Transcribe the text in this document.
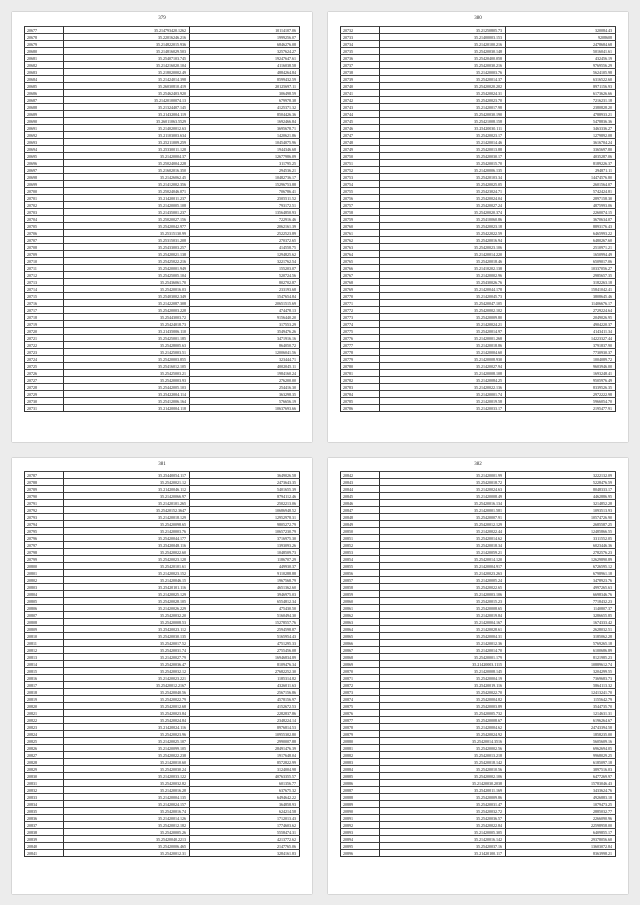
379
20677	35.214793420.1262	10114107.06
20678	35.22016246.216	1999256.07
20679	35.214822015.936	6846276.08
20680	35.214816029.503	3257624.27
20681	35.25407103.745	19247647.61
20682	35.214216020.104	4116038.58
20683	35.218020002.49	4884264.84
20684	35.21424014.398	8599432.59
20685	35.26030810.419	20125697.11
20686	35.25462403.920	306498.59
20687	35.21420100074.13	679978.38
20688	35.21324407.145	4125371.32
20689	35.21432004.119	8504426.36
20690	35.26011063.5529	1692466.84
20691	35.214020012.63	3695678.71
20692	35.21103003.634	1420621.86
20693	35.25211009.259	10454075.96
20694	35.25330011.128	1944346.68
20695	35.21420004.37	12677986.09
20696	35.25024004.228	311795.25
20697	35.21602016.350	294536.21
20698	35.21426062.45	10482736.17
20699	35.21412002.356	15296753.88
20700	35.25024046.071	706786.41
20701	35.21420011.237	2505511.52
20702	35.21420005.108	793172.51
20703	35.21435001.237	13564850.93
20704	35.25020027.156	722916.46
20705	35.25420042.977	2062161.39
20706	35.25315130.99	2522523.89
20707	35.25315031.208	270372.65
20708	35.25433003.257	414558.75
20709	35.25420021.138	1294825.62
20710	35.25425022.216	3221762.54
20711	35.25420001.949	155203.07
20712	35.25425005.104	520724.56
20713	35.25436061.70	802702.87
20714	35.25420016.03	233193.68
20715	35.25403002.349	1547654.84
20716	35.21422087.308	20651515.69
20717	35.25420003.228	474478.13
20718	35.25443003.72	9156440.20
20719	35.25424018.73	317553.29
20720	35.21435006.110	3549476.26
20721	35.25425001.185	3471916.16
20722	35.25428005.63	864050.72
20723	35.21425003.51	12006041.56
20724	35.25420003.855	323444.71
20725	35.25416012.105	4002045.11
20726	35.25425003.21	1984160.24
20727	35.25420003.93	276200.00
20728	35.25442005.103	254416.30
20729	35.25422004.114	363298.35
20730	35.25412006.164	576656.19
20731	35.21420004.118	10637693.66
380
20732	35.21250805.73	320084.43
20733	35.21400003.153	9208608
20734	35.21420100.216	2478684.68
20735	35.25420030.148	5016041.61
20736	35.25420400.058	432456.19
20737	35.25420030.216	9769556.29
20738	35.21420003.76	5624105.98
20739	35.25420014.37	6316522.60
20740	35.25420020.202	8971156.93
20741	35.25420024.31	6173626.66
20742	35.25420023.70	7216231.18
20743	35.21420017.98	2380828.20
20744	35.25420030.190	4788933.21
20745	35.25421008.158	5478836.36
20746	35.25420030.111	3463336.27
20747	35.25420023.17	1279892.08
20748	35.21420014.46	3616704.24
20749	35.25420013.88	3365697.80
20750	35.25420030.17	4035287.06
20751	35.25420015.70	8189226.37
20752	35.21420006.135	294871.11
20753	35.25420103.34	14474576.80
20754	35.25420025.05	2601564.07
20755	35.25423024.71	5742424.81
20756	35.25420024.04	2897158.30
20757	35.25420027.24	4875993.06
20758	35.25420020.374	2260074.15
20759	35.25410060.86	3670634.07
20760	35.25420023.18	8893176.43
20761	35.25422022.59	6465993.22
20762	35.25420016.94	6480267.60
20763	35.25420023.106	2510971.21
20764	35.21420014.220	1650994.49
20765	35.25420018.46	6509017.06
20766	35.21410202.138	10337056.27
20767	35.21420002.96	2985657.35
20768	35.25430026.76	3182263.18
20769	35.21420044.178	15841042.41
20770	35.21420045.73	3808645.46
20771	35.25420047.105	11406676.17
20772	35.25420002.102	2729224.64
20773	35.25420009.80	2049026.95
20774	35.21420024.21	4904220.37
20775	35.25420014.97	4143411.34
20776	35.21420001.268	14223327.44
20777	35.21420018.86	3791837.90
20778	35.21420004.60	7730930.37
20779	35.21420008.930	1004089.72
20780	35.21420027.94	9603946.00
20781	35.21420008.108	1693248.41
20782	35.21420084.25	9505976.49
20783	35.21420022.136	8339526.35
20784	35.21420001.74	2972222.98
20785	35.21420019.58	5966054.70
20786	35.21420033.17	2195477.91
381
20787	35.25440054.117	3649026.58
20788	35.25420021.12	2473643.35
20789	35.21420046.112	5401655.39
20790	35.21420066.97	8794112.46
20791	35.21420101.265	2502213.06
20792	35.25420152.3647	10686948.52
20793	35.21420018.129	12952978.31
20794	35.25420098.65	9805272.79
20795	35.21420003.76	10657230.79
20796	35.25420044.177	3716975.30
20797	35.25420048.116	1393093.26
20798	35.25420022.60	1048509.73
20799	35.25420023.128	1186707.29
20800	35.25420101.61	449930.37
20801	35.21420023.152	9110288.88
20802	35.21420046.15	1967568.79
20803	35.25420101.116	4651362.60
20804	35.21420025.129	3946975.03
20805	35.25420028.105	6554812.34
20806	35.21420026.229	475430.50
20807	35.25420032.20	5160494.30
20808	35.25420008.53	15278557.76
20809	35.25420023.112	2594598.87
20810	35.25420030.135	5165954.43
20811	35.25420017.52	4751295.33
20812	35.25420031.74	2755456.08
20813	35.21420027.79	16946834.89
20814	35.25420036.47	8109476.34
20815	35.25420032.12	27682252.30
20816	35.21420023.221	1185314.82
20817	35.25420012.2167	4326011.63
20818	35.25420040.56	2567156.86
20819	35.25420022.79	4578156.97
20820	35.25420012.68	4152672.53
20821	35.25420023.84	2282837.86
20822	35.25420024.84	2348224.14
20823	35.21420024.116	8976814.53
20824	35.25420023.96	10955302.80
20825	35.21420025.107	2990007.88
20826	35.21420099.105	28491476.39
20827	35.25420022.238	1917648.04
20828	35.21420010.60	8572822.99
20829	35.25420030.24	3124004.98
20830	35.21420033.122	40763355.57
20831	35.25420032.82	601356.77
20832	35.21420016.28	637675.32
20833	35.21420004.135	6494642.22
20834	35.21420024.157	364858.93
20835	35.25420016.74	624214.58
20836	35.21420014.126	1712013.43
20837	35.25420012.182	1774603.62
20838	35.25420005.26	5558474.31
20839	35.25420040.2213	4213772.62
20840	35.25420006.465	2147765.06
20841	35.25420012.31	3284161.83
382
20842	35.21420001.99	3222132.09
20843	35.25420018.72	5228476.59
20844	35.21420024.63	8048333.17
20845	35.21420008.49	4462886.95
20846	35.25420016.134	3214852.28
20847	35.21420001.581	1093513.93
20848	35.25420007.91	10574726.90
20849	35.25420012.129	2685587.25
20850	35.21420022.44	12485866.55
20851	35.25420014.62	3311552.05
20852	35.25420018.34	6023446.36
20853	35.21420059.21	2782576.23
20854	35.25420014.120	12629890.89
20855	35.21420004.917	6726595.12
20856	35.21420023.263	6798961.18
20857	35.21420005.24	3478923.76
20858	35.25420022.65	4997265.63
20859	35.21420003.106	6698346.76
20860	35.25420015.23	7718432.23
20861	35.25420008.65	1140807.37
20862	35.21420019.84	3286655.85
20863	35.21420004.167	1674333.42
20864	35.21420028.61	2628032.51
20865	35.25420004.31	3185062.28
20866	35.21420012.36	5769265.18
20867	35.21420014.70	6100686.89
20868	35.25420001.179	8121985.23
20869	35.21420003.1115	10889612.74
20870	35.21420008.145	3204299.55
20871	35.25420004.19	7369683.73
20872	35.25420019.116	5864113.32
20873	35.25420022.70	12413241.70
20874	35.25420004.82	1155642.79
20875	35.25420003.89	3544735.70
20876	35.25420005.732	1214631.31
20877	35.25420008.67	6196264.67
20878	35.21420004.62	24743394.58
20879	35.25420024.92	1858235.00
20880	35.25420014.3516	5605609.16
20881	35.25420002.56	6962694.05
20882	35.25420013.218	9968029.25
20883	35.25420018.142	6185097.18
20884	35.25420010.56	3897516.03
20885	35.25420002.106	6477269.97
20886	35.21420030.2038	15783046.43
20887	35.25420011.169	3433624.76
20888	35.25420009.86	4926883.18
20889	35.25420031.47	1079473.25
20890	35.25420032.72	2885032.77
20891	35.25420036.57	2266090.96
20892	35.25420022.84	22598958.00
20893	35.21420005.305	6409855.17
20894	35.21420016.142	29378056.60
20895	35.25420037.16	13603072.84
20896	35.21420100.117	8363998.21
